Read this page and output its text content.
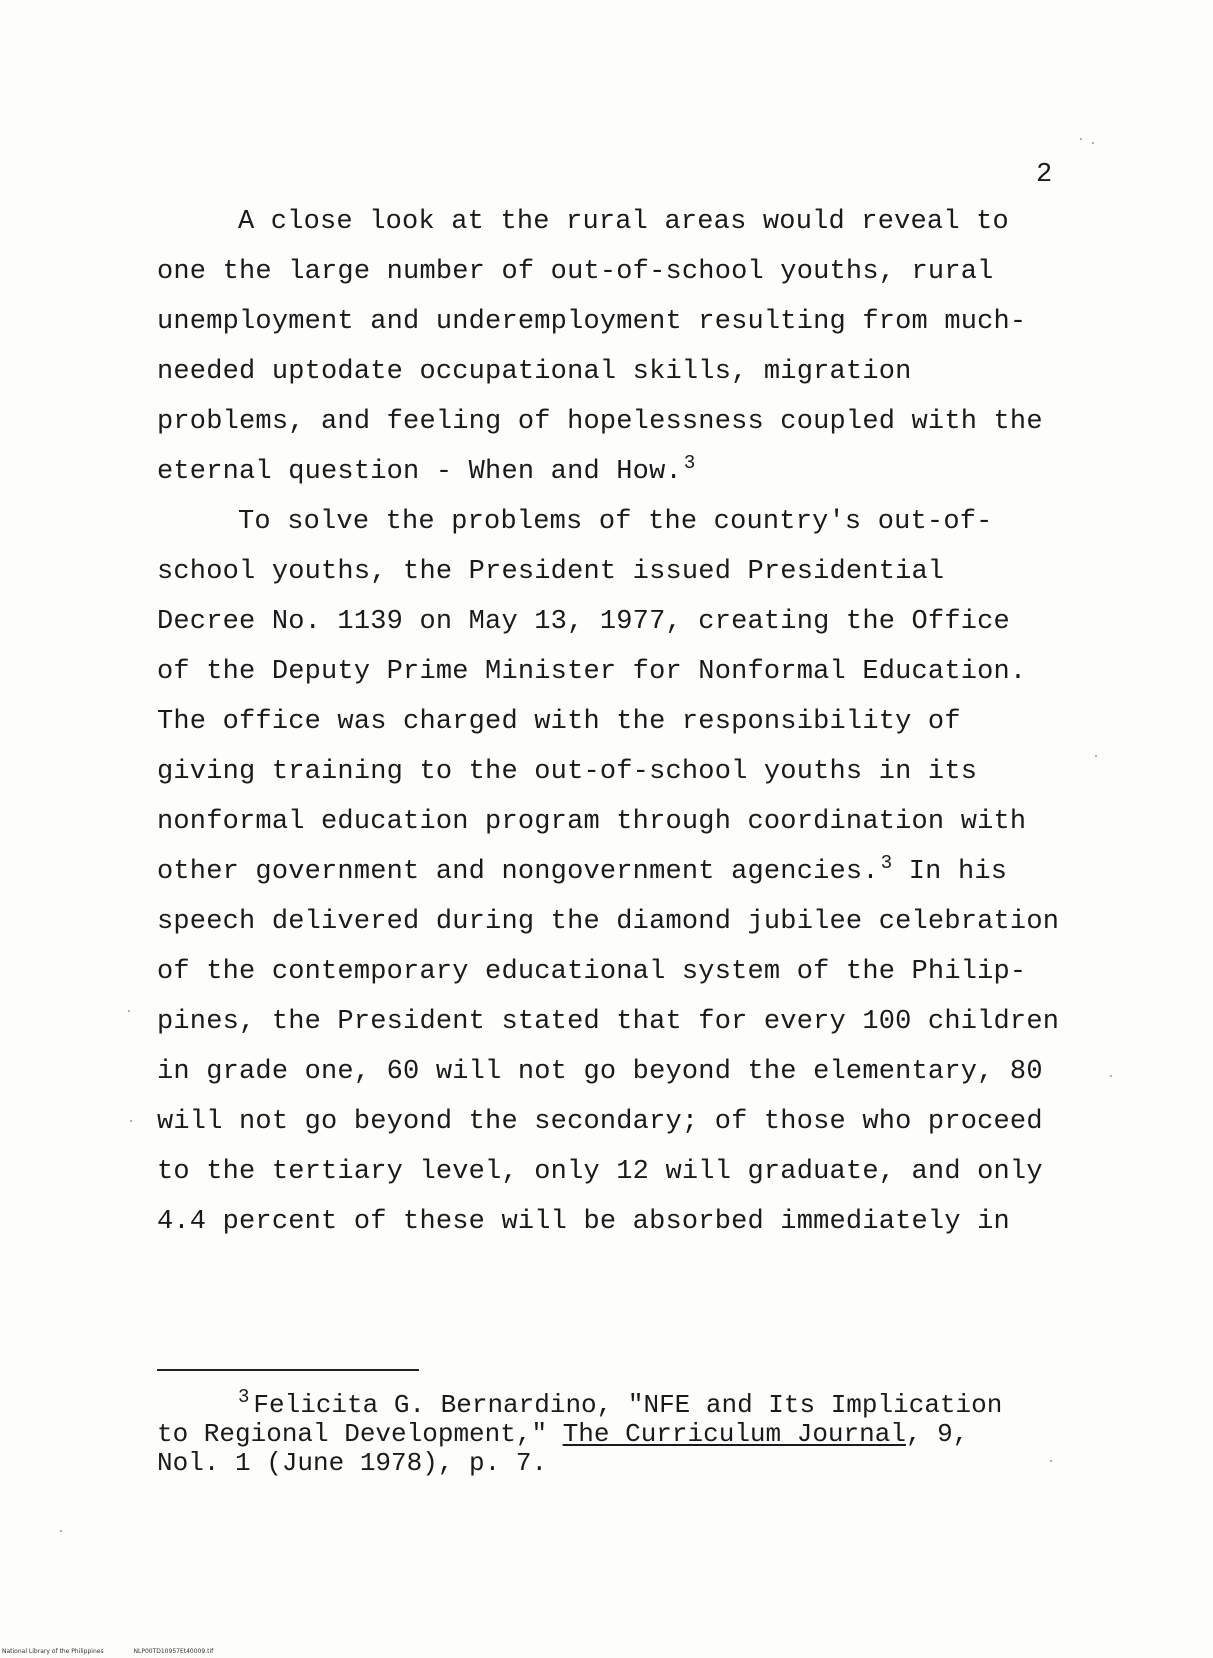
2
A close look at the rural areas would reveal to
one the large number of out-of-school youths, rural
unemployment and underemployment resulting from much-
needed uptodate occupational skills, migration
problems, and feeling of hopelessness coupled with the
eternal question - When and How. $^3$
To solve the problems of the country's out-of-
school youths, the President issued Presidential
Decree No. 1139 on May 13, 1977, creating the Office
of the Deputy Prime Minister for Nonformal Education.
The office was charged with the responsibility of
giving training to the out-of-school youths in its
nonformal education program through coordination with
other government and nongovernment agencies. $^3$ In his
speech delivered during the diamond jubilee celebration
of the contemporary educational system of the Philip-
pines, the President stated that for every 100 children
in grade one, 60 will not go beyond the elementary, 80
will not go beyond the secondary; of those who proceed
to the tertiary level, only 12 will graduate, and only
4.4 percent of these will be absorbed immediately in
$^3$ Felicita G. Bernardino, "NFE and Its Implication
to Regional Development," The Curriculum Journal, 9,
Nol. 1 (June 1978), p. 7.
National Library of the Philippines	NLP00TD10957Et40009.tif
